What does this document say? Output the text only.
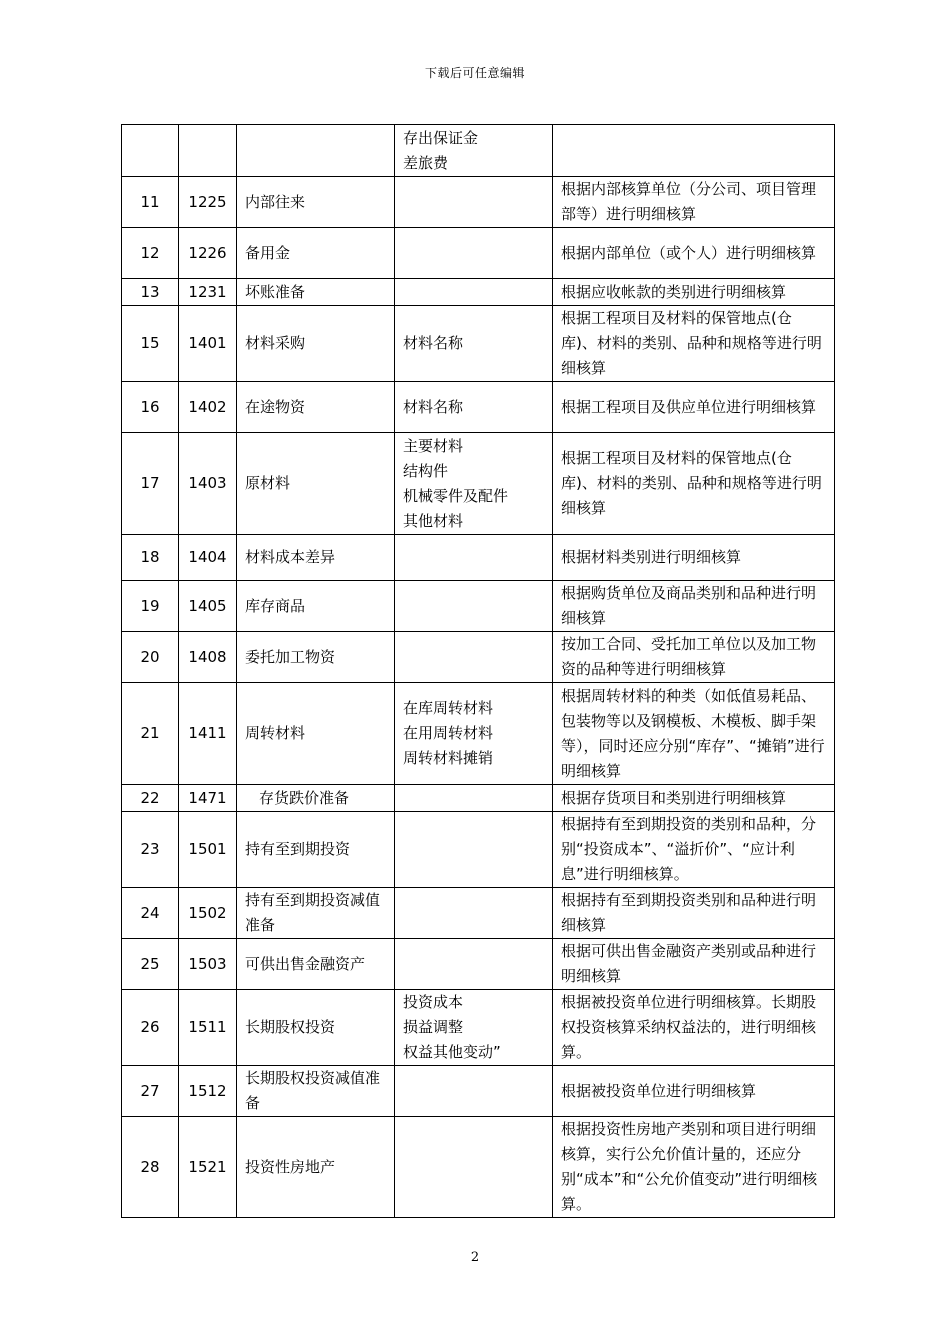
下载后可任意编辑

			存出保证金
差旅费	

11	1225	内部往来		根据内部核算单位（分公司、项目管理部等）进行明细核算
12	1226	备用金		根据内部单位（或个人）进行明细核算
13	1231	坏账准备		根据应收帐款的类别进行明细核算
15	1401	材料采购	材料名称	根据工程项目及材料的保管地点(仓库)、材料的类别、品种和规格等进行明细核算
16	1402	在途物资	材料名称	根据工程项目及供应单位进行明细核算
17	1403	原材料	主要材料
结构件
机械零件及配件
其他材料	根据工程项目及材料的保管地点(仓库)、材料的类别、品种和规格等进行明细核算
18	1404	材料成本差异		根据材料类别进行明细核算
19	1405	库存商品		根据购货单位及商品类别和品种进行明细核算
20	1408	委托加工物资		按加工合同、受托加工单位以及加工物资的品种等进行明细核算
21	1411	周转材料	在库周转材料
在用周转材料
周转材料摊销	根据周转材料的种类（如低值易耗品、包装物等以及钢模板、木模板、脚手架等），同时还应分别“库存”、“摊销”进行明细核算
22	1471	存货跌价准备		根据存货项目和类别进行明细核算
23	1501	持有至到期投资		根据持有至到期投资的类别和品种，分别“投资成本”、“溢折价”、“应计利息”进行明细核算。
24	1502	持有至到期投资减值准备		根据持有至到期投资类别和品种进行明细核算
25	1503	可供出售金融资产		根据可供出售金融资产类别或品种进行明细核算
26	1511	长期股权投资	投资成本
损益调整
权益其他变动”	根据被投资单位进行明细核算。长期股权投资核算采纳权益法的，进行明细核算。
27	1512	长期股权投资减值准备		根据被投资单位进行明细核算
28	1521	投资性房地产		根据投资性房地产类别和项目进行明细核算，实行公允价值计量的，还应分别“成本”和“公允价值变动”进行明细核算。
2
